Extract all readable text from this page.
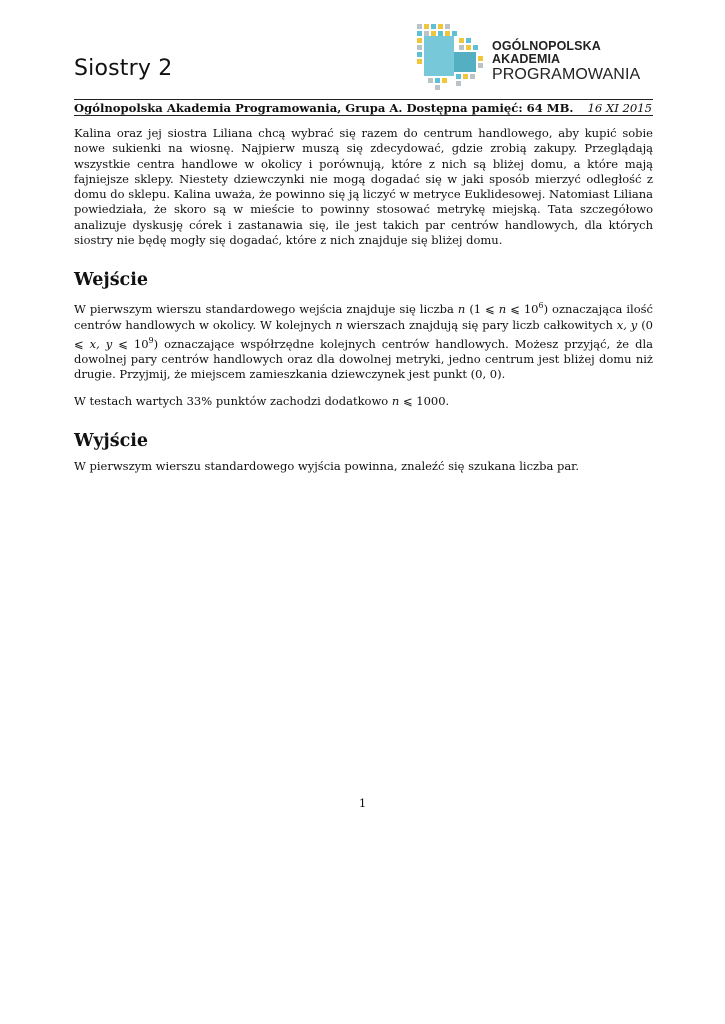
Siostry 2
OGÓLNOPOLSKA AKADEMIA
PROGRAMOWANIA
Ogólnopolska Akademia Programowania, Grupa A. Dostępna pamięć: 64 MB. 16 XI 2015

Kalina oraz jej siostra Liliana chcą wybrać się razem do centrum handlowego, aby kupić sobie nowe sukienki na wiosnę. Najpierw muszą się zdecydować, gdzie zrobią zakupy. Przeglądają wszystkie centra handlowe w okolicy i porównują, które z nich są bliżej domu, a które mają fajniejsze sklepy. Niestety dziewczynki nie mogą dogadać się w jaki sposób mierzyć odległość z domu do sklepu. Kalina uważa, że powinno się ją liczyć w metryce Euklidesowej. Natomiast Liliana powiedziała, że skoro są w mieście to powinny stosować metrykę miejską. Tata szczegółowo analizuje dyskusję córek i zastanawia się, ile jest takich par centrów handlowych, dla których siostry nie będę mogły się dogadać, które z nich znajduje się bliżej domu.

Wejście

W pierwszym wierszu standardowego wejścia znajduje się liczba n (1 ⩽ n ⩽ $10^6$) oznaczająca ilość centrów handlowych w okolicy. W kolejnych n wierszach znajdują się pary liczb całkowitych x, y (0 ⩽ x, y ⩽ $10^9$) oznaczające współrzędne kolejnych centrów handlowych. Możesz przyjąć, że dla dowolnej pary centrów handlowych oraz dla dowolnej metryki, jedno centrum jest bliżej domu niż drugie. Przyjmij, że miejscem zamieszkania dziewczynek jest punkt (0, 0).

W testach wartych 33% punktów zachodzi dodatkowo n ⩽ 1000.

Wyjście

W pierwszym wierszu standardowego wyjścia powinna, znaleźć się szukana liczba par.

1
